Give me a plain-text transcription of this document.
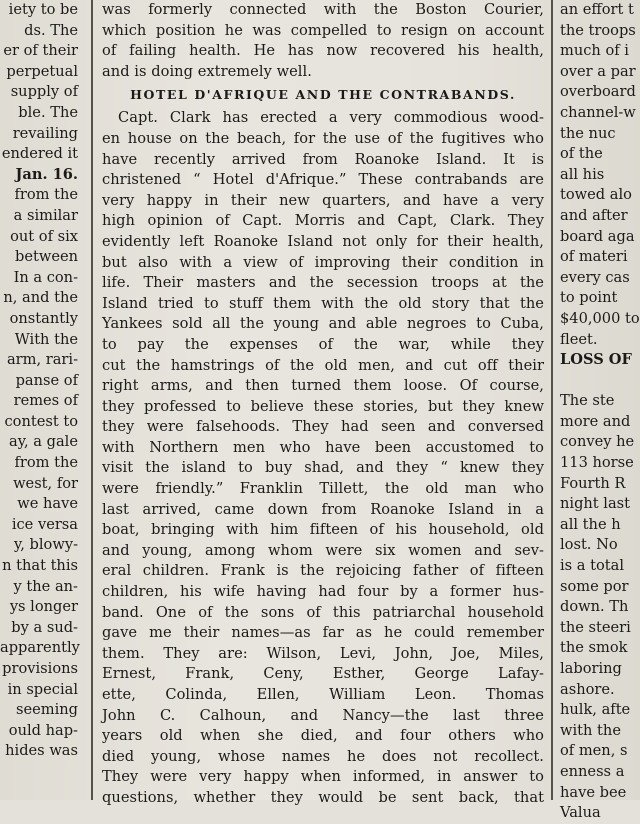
iety to be
ds. The
er of their
perpetual
supply of
ble. The
revailing
endered it
Jan. 16.
from the
a similar
out of six
between
In a con-
n, and the
onstantly
With the
arm, rari-
panse of
remes of
contest to
ay, a gale
from the
west, for
we have
ice versa
y, blowy-
n that this
y the an-
ys longer
by a sud-
apparently
provisions
in special
seeming
ould hap-
hides was
was formerly connected with the Boston Courier,
which position he was compelled to resign on account
of failing health. He has now recovered his health,
and is doing extremely well.
HOTEL D'AFRIQUE AND THE CONTRABANDS.
Capt. Clark has erected a very commodious wood-
en house on the beach, for the use of the fugitives who
have recently arrived from Roanoke Island. It is
christened “ Hotel d'Afrique.” These contrabands are
very happy in their new quarters, and have a very
high opinion of Capt. Morris and Capt, Clark. They
evidently left Roanoke Island not only for their health,
but also with a view of improving their condition in
life. Their masters and the secession troops at the
Island tried to stuff them with the old story that the
Yankees sold all the young and able negroes to Cuba,
to pay the expenses of the war, while they
cut the hamstrings of the old men, and cut off their
right arms, and then turned them loose. Of course,
they professed to believe these stories, but they knew
they were falsehoods. They had seen and conversed
with Northern men who have been accustomed to
visit the island to buy shad, and they “ knew they
were friendly.” Franklin Tillett, the old man who
last arrived, came down from Roanoke Island in a
boat, bringing with him fifteen of his household, old
and young, among whom were six women and sev-
eral children. Frank is the rejoicing father of fifteen
children, his wife having had four by a former hus-
band. One of the sons of this patriarchal household
gave me their names—as far as he could remember
them. They are: Wilson, Levi, John, Joe, Miles,
Ernest, Frank, Ceny, Esther, George Lafay-
ette, Colinda, Ellen, William Leon. Thomas
John C. Calhoun, and Nancy—the last three
years old when she died, and four others who
died young, whose names he does not recollect.
They were very happy when informed, in answer to
questions, whether they would be sent back, that
an effort t
the troops
much of i
over a par
overboard
channel-w
the nuc
of the
all his
towed alo
and after
board aga
of materi
every cas
to point
$40,000 to
fleet.
LOSS OF
The ste
more and
convey he
113 horse
Fourth R
night last
all the h
lost. No
is a total
some por
down. Th
the steeri
the smok
laboring
ashore.
hulk, afte
with the
of men, s
enness a
have bee
Valua
